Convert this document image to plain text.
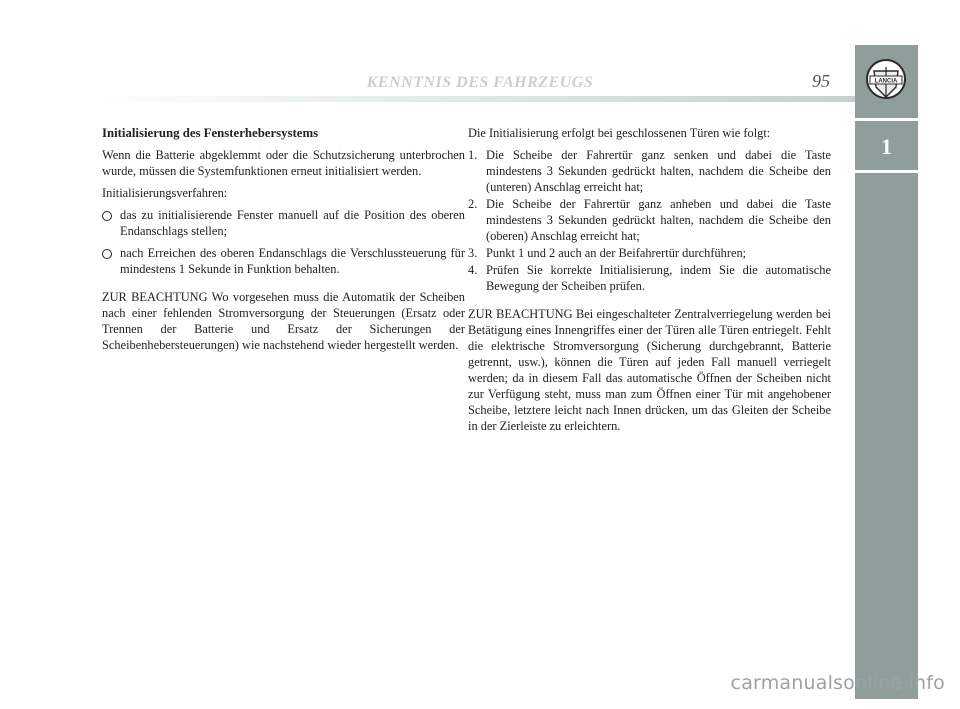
KENNTNIS DES FAHRZEUGS	95	LANCIA
1

Initialisierung des Fensterhebersystems

Wenn die Batterie abgeklemmt oder die Schutzsicherung unterbrochen wurde, müssen die Systemfunktionen erneut initialisiert werden.

Initialisierungsverfahren:

das zu initialisierende Fenster manuell auf die Position des oberen Endanschlags stellen;
nach Erreichen des oberen Endanschlags die Verschlussteuerung für mindestens 1 Sekunde in Funktion behalten.

ZUR BEACHTUNG Wo vorgesehen muss die Automatik der Scheiben nach einer fehlenden Stromversorgung der Steuerungen (Ersatz oder Trennen der Batterie und Ersatz der Sicherungen der Scheibenhebersteuerungen) wie nachstehend wieder hergestellt werden.

Die Initialisierung erfolgt bei geschlossenen Türen wie folgt:

1. Die Scheibe der Fahrertür ganz senken und dabei die Taste mindestens 3 Sekunden gedrückt halten, nachdem die Scheibe den (unteren) Anschlag erreicht hat;
2. Die Scheibe der Fahrertür ganz anheben und dabei die Taste mindestens 3 Sekunden gedrückt halten, nachdem die Scheibe den (oberen) Anschlag erreicht hat;
3. Punkt 1 und 2 auch an der Beifahrertür durchführen;
4. Prüfen Sie korrekte Initialisierung, indem Sie die automatische Bewegung der Scheiben prüfen.

ZUR BEACHTUNG Bei eingeschalteter Zentralverriegelung werden bei Betätigung eines Innengriffes einer der Türen alle Türen entriegelt. Fehlt die elektrische Stromversorgung (Sicherung durchgebrannt, Batterie getrennt, usw.), können die Türen auf jeden Fall manuell verriegelt werden; da in diesem Fall das automatische Öffnen der Scheiben nicht zur Verfügung steht, muss man zum Öffnen einer Tür mit angehobener Scheibe, letztere leicht nach Innen drücken, um das Gleiten der Scheibe in der Zierleiste zu erleichtern.

carmanualsonline.info
